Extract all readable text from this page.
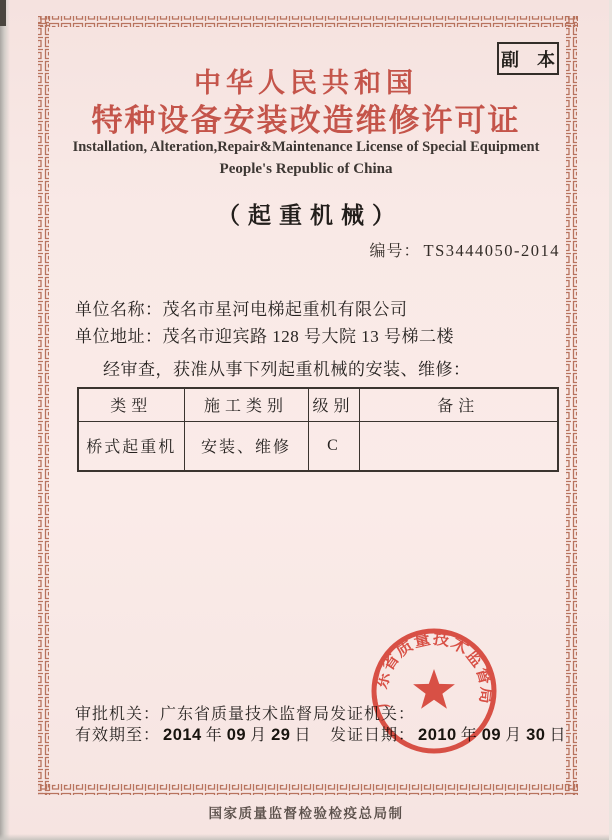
副　本
中华人民共和国
特种设备安装改造维修许可证
Installation, Alteration,Repair&Maintenance License of Special Equipment
People's Republic of China
（起重机械）
编号： TS3444050-2014
单位名称：茂名市星河电梯起重机有限公司
单位地址：茂名市迎宾路 128 号大院 13 号梯二楼
经审查，获准从事下列起重机械的安装、维修：
类型	施工类别	级别	备注
桥式起重机	安装、维修	C	
审批机关：广东省质量技术监督局 发证机关：
有效期至： 2014 年 09 月 29 日 发证日期： 2010 年 09 月 30 日
广东省质量技术监督局
国家质量监督检验检疫总局制
